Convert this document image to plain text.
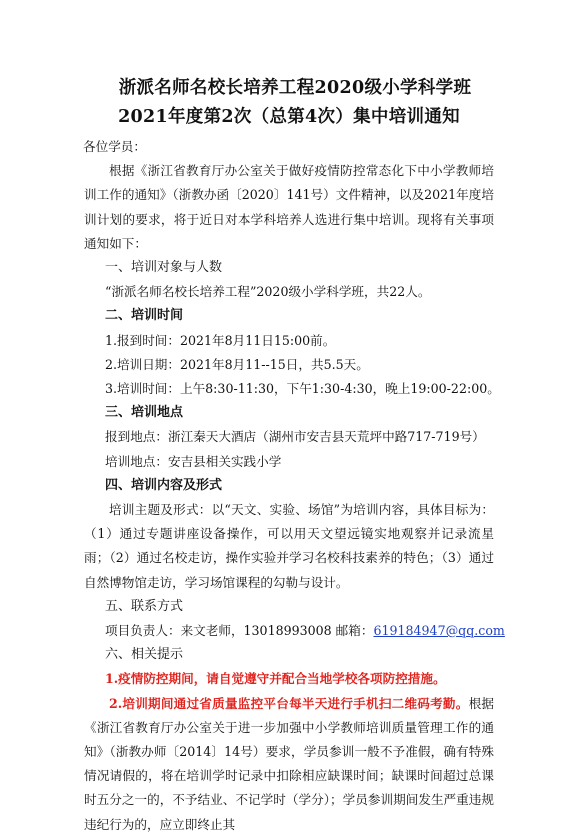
浙派名师名校长培养工程2020级小学科学班
2021年度第2次（总第4次）集中培训通知
各位学员：
根据《浙江省教育厅办公室关于做好疫情防控常态化下中小学教师培训工作的通知》（浙教办函〔2020〕141号）文件精神，以及2021年度培训计划的要求，将于近日对本学科培养人选进行集中培训。现将有关事项通知如下：
一、培训对象与人数
“浙派名师名校长培养工程”2020级小学科学班，共22人。
二、培训时间
1.报到时间：2021年8月11日15:00前。
2.培训日期：2021年8月11--15日，共5.5天。
3.培训时间：上午8:30-11:30，下午1:30-4:30，晚上19:00-22:00。
三、培训地点
报到地点：浙江秦天大酒店（湖州市安吉县天荒坪中路717-719号）
培训地点：安吉县相关实践小学
四、培训内容及形式
培训主题及形式：以“天文、实验、场馆”为培训内容，具体目标为：（1）通过专题讲座设备操作，可以用天文望远镜实地观察并记录流星雨；（2）通过名校走访，操作实验并学习名校科技素养的特色；（3）通过自然博物馆走访，学习场馆课程的勾勒与设计。
五、联系方式
项目负责人：来文老师，13018993008 邮箱：619184947@qq.com
六、相关提示
1.疫情防控期间，请自觉遵守并配合当地学校各项防控措施。
2.培训期间通过省质量监控平台每半天进行手机扫二维码考勤。根据《浙江省教育厅办公室关于进一步加强中小学教师培训质量管理工作的通知》（浙教办师〔2014〕14号）要求，学员参训一般不予准假，确有特殊情况请假的，将在培训学时记录中扣除相应缺课时间；缺课时间超过总课时五分之一的，不予结业、不记学时（学分）；学员参训期间发生严重违规违纪行为的，应立即终止其
